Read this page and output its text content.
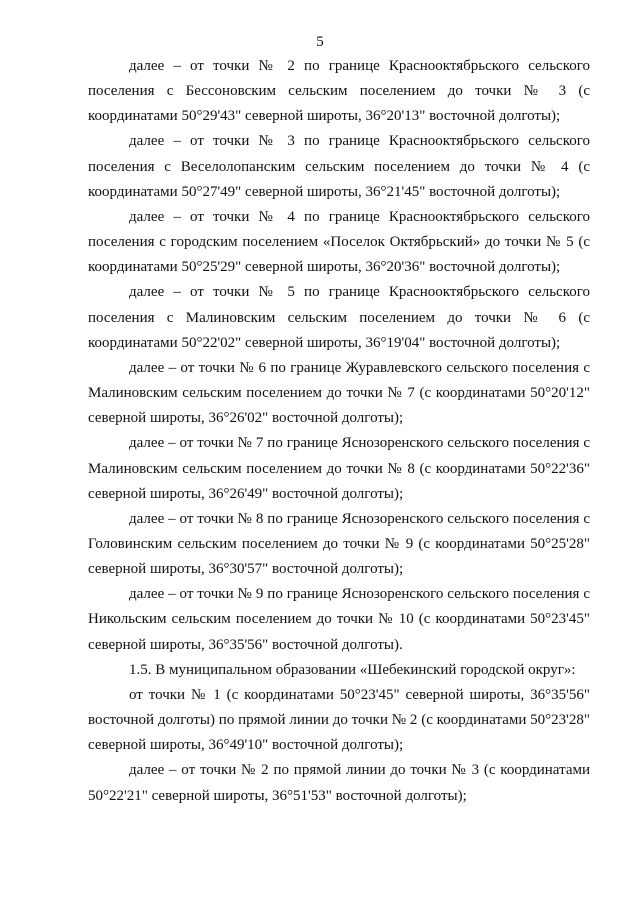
5

далее – от точки № 2 по границе Краснооктябрьского сельского поселения с Бессоновским сельским поселением до точки № 3 (с координатами 50°29'43" северной широты, 36°20'13" восточной долготы);

далее – от точки № 3 по границе Краснооктябрьского сельского поселения с Веселолопанским сельским поселением до точки № 4 (с координатами 50°27'49" северной широты, 36°21'45" восточной долготы);

далее – от точки № 4 по границе Краснооктябрьского сельского поселения с городским поселением «Поселок Октябрьский» до точки № 5 (с координатами 50°25'29" северной широты, 36°20'36" восточной долготы);

далее – от точки № 5 по границе Краснооктябрьского сельского поселения с Малиновским сельским поселением до точки № 6 (с координатами 50°22'02" северной широты, 36°19'04" восточной долготы);

далее – от точки № 6 по границе Журавлевского сельского поселения с Малиновским сельским поселением до точки № 7 (с координатами 50°20'12" северной широты, 36°26'02" восточной долготы);

далее – от точки № 7 по границе Яснозоренского сельского поселения с Малиновским сельским поселением до точки № 8 (с координатами 50°22'36" северной широты, 36°26'49" восточной долготы);

далее – от точки № 8 по границе Яснозоренского сельского поселения с Головинским сельским поселением до точки № 9 (с координатами 50°25'28" северной широты, 36°30'57" восточной долготы);

далее – от точки № 9 по границе Яснозоренского сельского поселения с Никольским сельским поселением до точки № 10 (с координатами 50°23'45" северной широты, 36°35'56" восточной долготы).

1.5. В муниципальном образовании «Шебекинский городской округ»:

от точки № 1 (с координатами 50°23'45" северной широты, 36°35'56" восточной долготы) по прямой линии до точки № 2 (с координатами 50°23'28" северной широты, 36°49'10" восточной долготы);

далее – от точки № 2 по прямой линии до точки № 3 (с координатами 50°22'21" северной широты, 36°51'53" восточной долготы);
